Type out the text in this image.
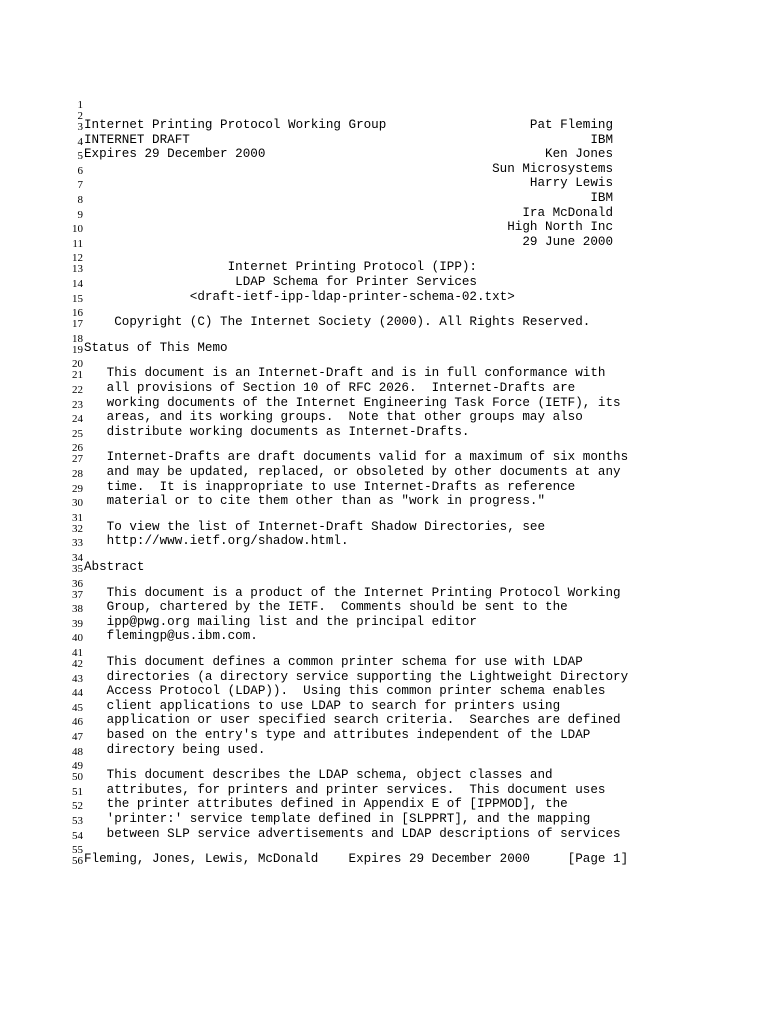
1
2
3 Internet Printing Protocol Working Group                   Pat Fleming
4 INTERNET DRAFT                                                     IBM
5 Expires 29 December 2000                                     Ken Jones
6 Sun Microsystems
7 Harry Lewis
8 IBM
9 Ira McDonald
10 High North Inc
11 29 June 2000
12
13 Internet Printing Protocol (IPP):
14 LDAP Schema for Printer Services
15 <draft-ietf-ipp-ldap-printer-schema-02.txt>
16
17 Copyright (C) The Internet Society (2000). All Rights Reserved.
18
19 Status of This Memo
20
21 This document is an Internet-Draft and is in full conformance with
22 all provisions of Section 10 of RFC 2026.  Internet-Drafts are
23 working documents of the Internet Engineering Task Force (IETF), its
24 areas, and its working groups.  Note that other groups may also
25 distribute working documents as Internet-Drafts.
26
27 Internet-Drafts are draft documents valid for a maximum of six months
28 and may be updated, replaced, or obsoleted by other documents at any
29 time.  It is inappropriate to use Internet-Drafts as reference
30 material or to cite them other than as "work in progress."
31
32 To view the list of Internet-Draft Shadow Directories, see
33 http://www.ietf.org/shadow.html.
34
35 Abstract
36
37 This document is a product of the Internet Printing Protocol Working
38 Group, chartered by the IETF.  Comments should be sent to the
39 ipp@pwg.org mailing list and the principal editor
40 flemingp@us.ibm.com.
41
42 This document defines a common printer schema for use with LDAP
43 directories (a directory service supporting the Lightweight Directory
44 Access Protocol (LDAP)).  Using this common printer schema enables
45 client applications to use LDAP to search for printers using
46 application or user specified search criteria.  Searches are defined
47 based on the entry's type and attributes independent of the LDAP
48 directory being used.
49
50 This document describes the LDAP schema, object classes and
51 attributes, for printers and printer services.  This document uses
52 the printer attributes defined in Appendix E of [IPPMOD], the
53 'printer:' service template defined in [SLPPRT], and the mapping
54 between SLP service advertisements and LDAP descriptions of services
55
56 Fleming, Jones, Lewis, McDonald    Expires 29 December 2000     [Page 1]
